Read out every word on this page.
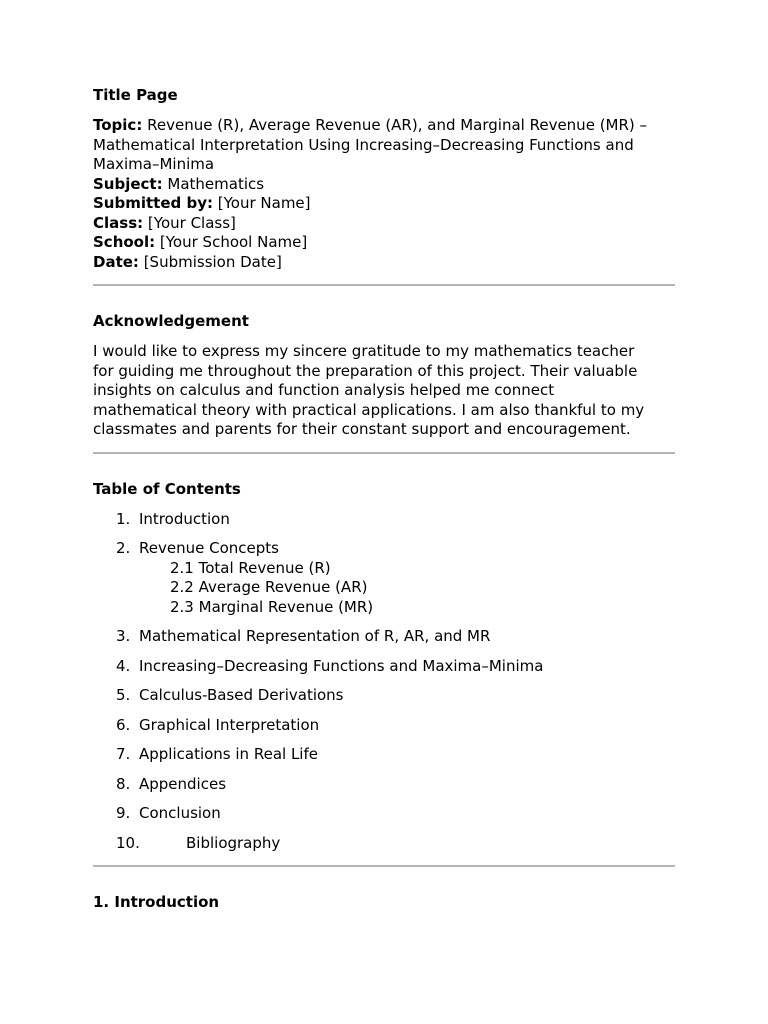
Title Page
Topic: Revenue (R), Average Revenue (AR), and Marginal Revenue (MR) – Mathematical Interpretation Using Increasing–Decreasing Functions and Maxima–Minima
Subject: Mathematics
Submitted by: [Your Name]
Class: [Your Class]
School: [Your School Name]
Date: [Submission Date]
Acknowledgement
I would like to express my sincere gratitude to my mathematics teacher
for guiding me throughout the preparation of this project. Their valuable
insights on calculus and function analysis helped me connect
mathematical theory with practical applications. I am also thankful to my
classmates and parents for their constant support and encouragement.
Table of Contents
1. Introduction
2. Revenue Concepts
2.1 Total Revenue (R)
2.2 Average Revenue (AR)
2.3 Marginal Revenue (MR)
3. Mathematical Representation of R, AR, and MR
4. Increasing–Decreasing Functions and Maxima–Minima
5. Calculus-Based Derivations
6. Graphical Interpretation
7. Applications in Real Life
8. Appendices
9. Conclusion
10.	Bibliography
1. Introduction
